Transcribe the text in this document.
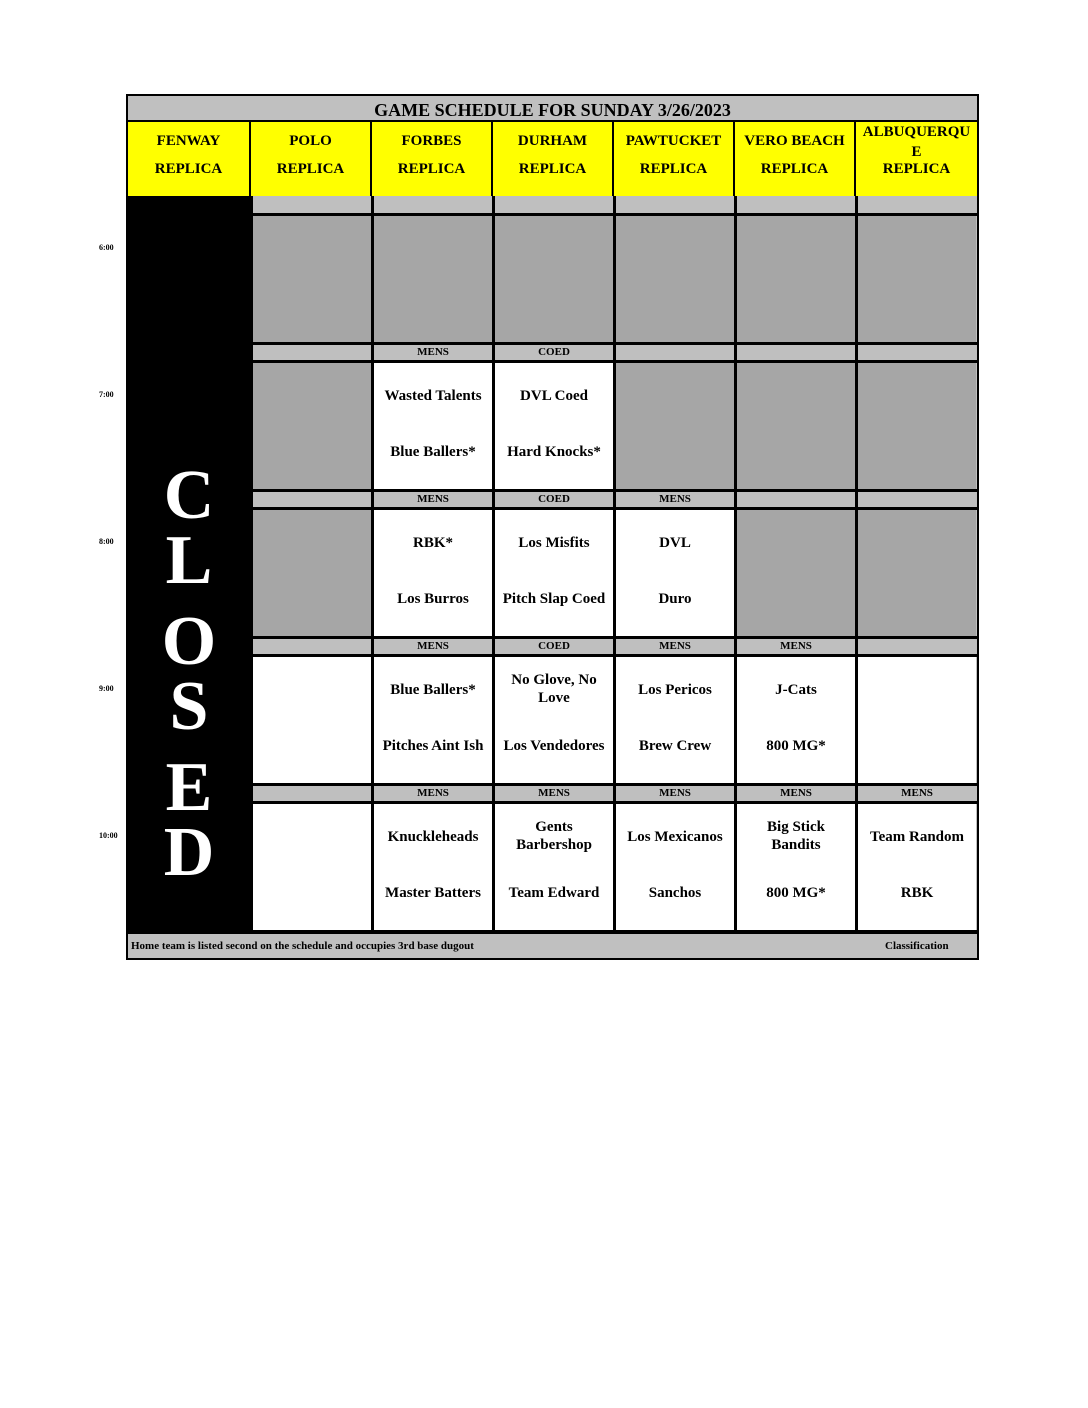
6:00
7:00
8:00
9:00
10:00
GAME SCHEDULE FOR SUNDAY 3/26/2023
FENWAY
REPLICA
POLO
REPLICA
FORBES
REPLICA
DURHAM
REPLICA
PAWTUCKET
REPLICA
VERO BEACH
REPLICA
ALBUQUERQU E
REPLICA
C
L
O
S
E
D
MENS
Wasted Talents
Blue Ballers*
COED
DVL Coed
Hard Knocks*
MENS
RBK*
Los Burros
COED
Los Misfits
Pitch Slap Coed
MENS
DVL
Duro
MENS
Blue Ballers*
Pitches Aint Ish
COED
No Glove, No Love
Los Vendedores
MENS
Los Pericos
Brew Crew
MENS
J-Cats
800 MG*
MENS
Knuckleheads
Master Batters
MENS
Gents Barbershop
Team Edward
MENS
Los Mexicanos
Sanchos
MENS
Big Stick Bandits
800 MG*
MENS
Team Random
RBK
Home team is listed second on the schedule and occupies 3rd base dugout	Classification
